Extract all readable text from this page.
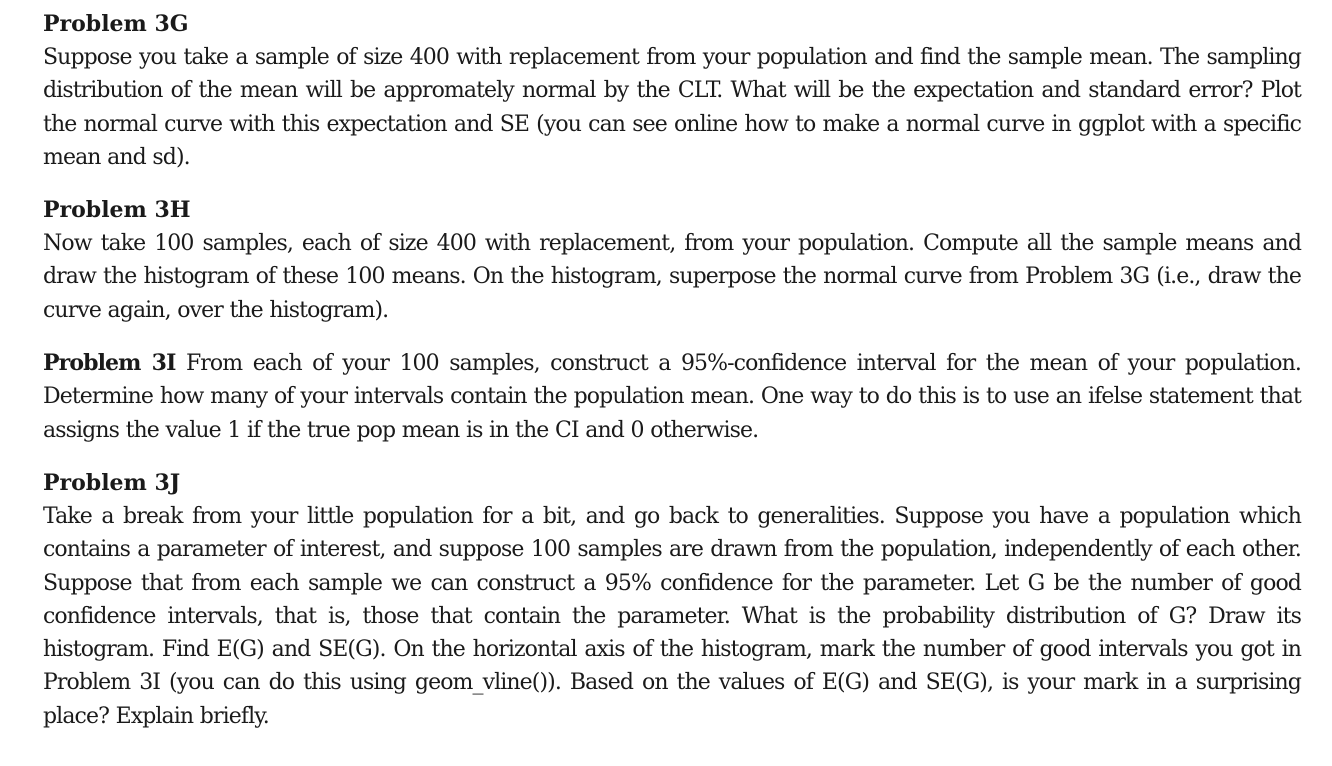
Problem 3G

Suppose you take a sample of size 400 with replacement from your population and find the sample mean. The sampling distribution of the mean will be appromately normal by the CLT. What will be the expectation and standard error? Plot the normal curve with this expectation and SE (you can see online how to make a normal curve in ggplot with a specific mean and sd).

Problem 3H

Now take 100 samples, each of size 400 with replacement, from your population. Compute all the sample means and draw the histogram of these 100 means. On the histogram, superpose the normal curve from Problem 3G (i.e., draw the curve again, over the histogram).

Problem 3I From each of your 100 samples, construct a 95%-confidence interval for the mean of your population. Determine how many of your intervals contain the population mean. One way to do this is to use an ifelse statement that assigns the value 1 if the true pop mean is in the CI and 0 otherwise.

Problem 3J

Take a break from your little population for a bit, and go back to generalities. Suppose you have a population which contains a parameter of interest, and suppose 100 samples are drawn from the population, independently of each other. Suppose that from each sample we can construct a 95% confidence for the parameter. Let G be the number of good confidence intervals, that is, those that contain the parameter. What is the probability distribution of G? Draw its histogram. Find E(G) and SE(G). On the horizontal axis of the histogram, mark the number of good intervals you got in Problem 3I (you can do this using geom_vline()). Based on the values of E(G) and SE(G), is your mark in a surprising place? Explain briefly.
